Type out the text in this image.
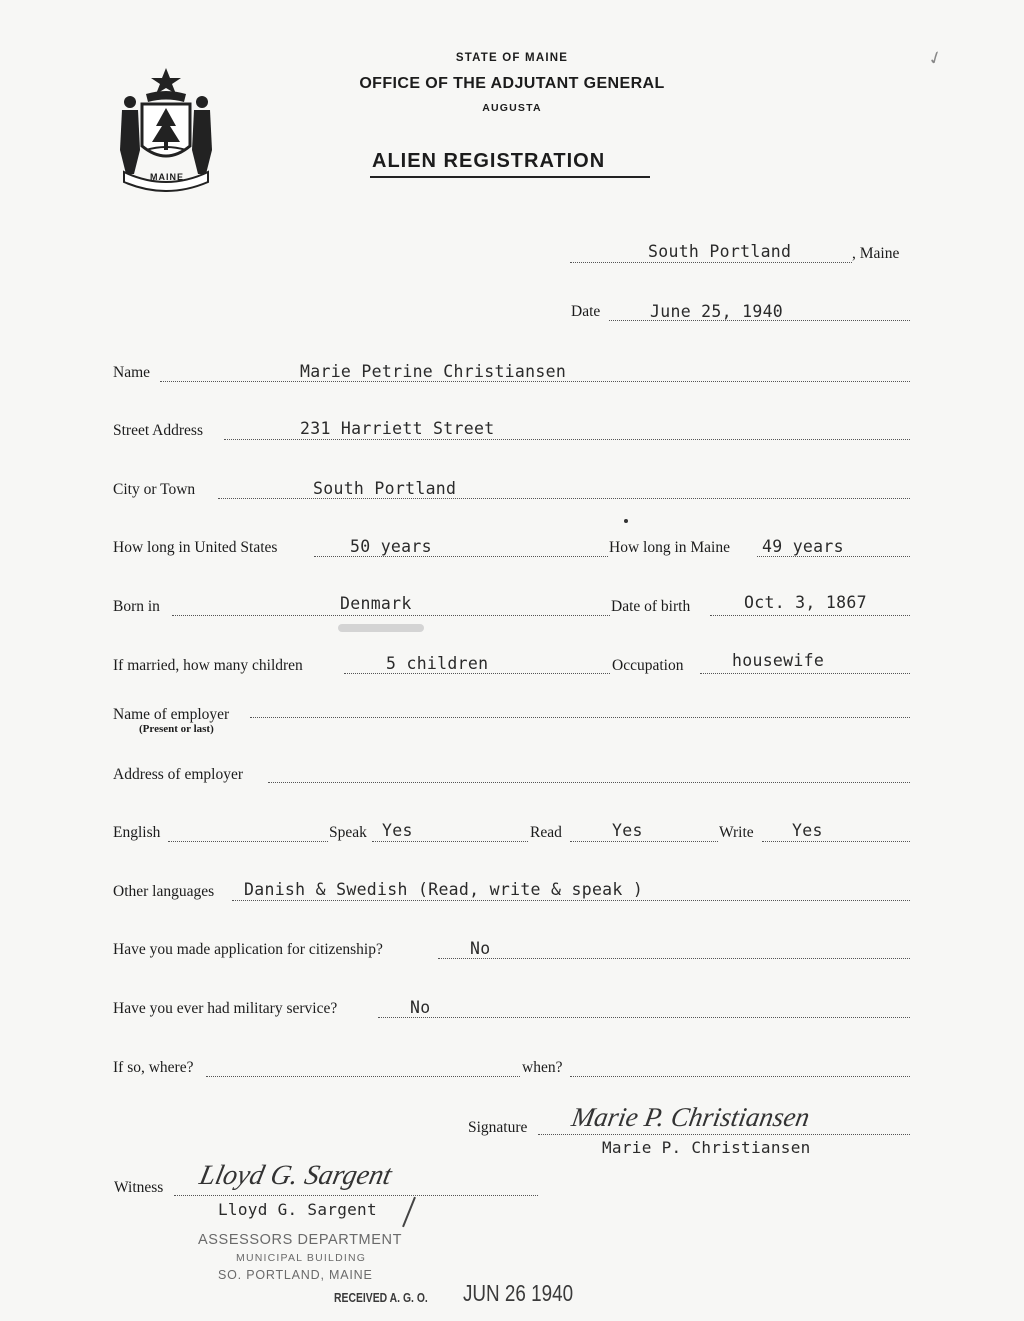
MAINE
✓
STATE OF MAINE
OFFICE OF THE ADJUTANT GENERAL
AUGUSTA
ALIEN REGISTRATION
South Portland	, Maine
Date	June 25, 1940
Name	Marie Petrine Christiansen
Street Address	231 Harriett Street
City or Town	South Portland
How long in United States	50 years	How long in Maine 49 years
Born in	Denmark	Date of birth	Oct. 3, 1867
If married, how many children	5 children	Occupation	housewife
Name of employer
(Present or last)
Address of employer
English	Speak Yes	Read	Yes	Write Yes
Other languages Danish & Swedish (Read, write & speak )
Have you made application for citizenship?	No
Have you ever had military service?	No
If so, where?	when?
Signature Marie P. Christiansen
Marie P. Christiansen
Witness Lloyd G. Sargent
Lloyd G. Sargent
ASSESSORS DEPARTMENT
MUNICIPAL BUILDING
SO. PORTLAND, MAINE
RECEIVED A. G. O. JUN 26 1940
